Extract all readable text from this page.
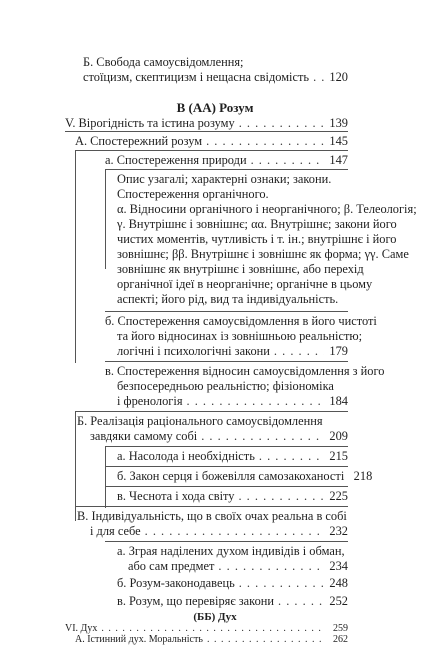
Б. Свобода самоусвідомлення;
стоїцизм, скептицизм і нещасна свідомість . . . 120
В (АА) Розум
V. Вірогідність та істина розуму . . .	139
А. Спостережний розум . . .	145
а. Спостереження природи . . .	147
Опис узагалі; характерні ознаки; закони.
Спостереження органічного.
α. Відносини органічного і неорганічного; β. Телеологія;
γ. Внутрішнє і зовнішнє; αα. Внутрішнє; закони його
чистих моментів, чутливість і т. ін.; внутрішнє і його
зовнішнє; ββ. Внутрішнє і зовнішнє як форма; γγ. Саме
зовнішнє як внутрішнє і зовнішнє, або перехід
органічної ідеї в неорганічне; органічне в цьому
аспекті; його рід, вид та індивідуальність.
б. Спостереження самоусвідомлення в його чистоті
та його відносинах із зовнішньою реальністю;
логічні і психологічні закони . . .	179
в. Спостереження відносин самоусвідомлення з його
безпосередньою реальністю; фізіономіка
і френологія . . .	184
Б. Реалізація раціонального самоусвідомлення
завдяки самому собі . . .	209
а. Насолода і необхідність . . .	215
б. Закон серця і божевілля самозакоханості 218
в. Чеснота і хода світу . . .	225
В. Індивідуальність, що в своїх очах реальна в собі
і для себе . . .	232
а. Зграя наділених духом індивідів і обман,
або сам предмет . . .	234
б. Розум-законодавець . . .	248
в. Розум, що перевіряє закони . . .	252
(ББ) Дух
VI. Дух . . .	259
А. Істинний дух. Моральність . . .	262
